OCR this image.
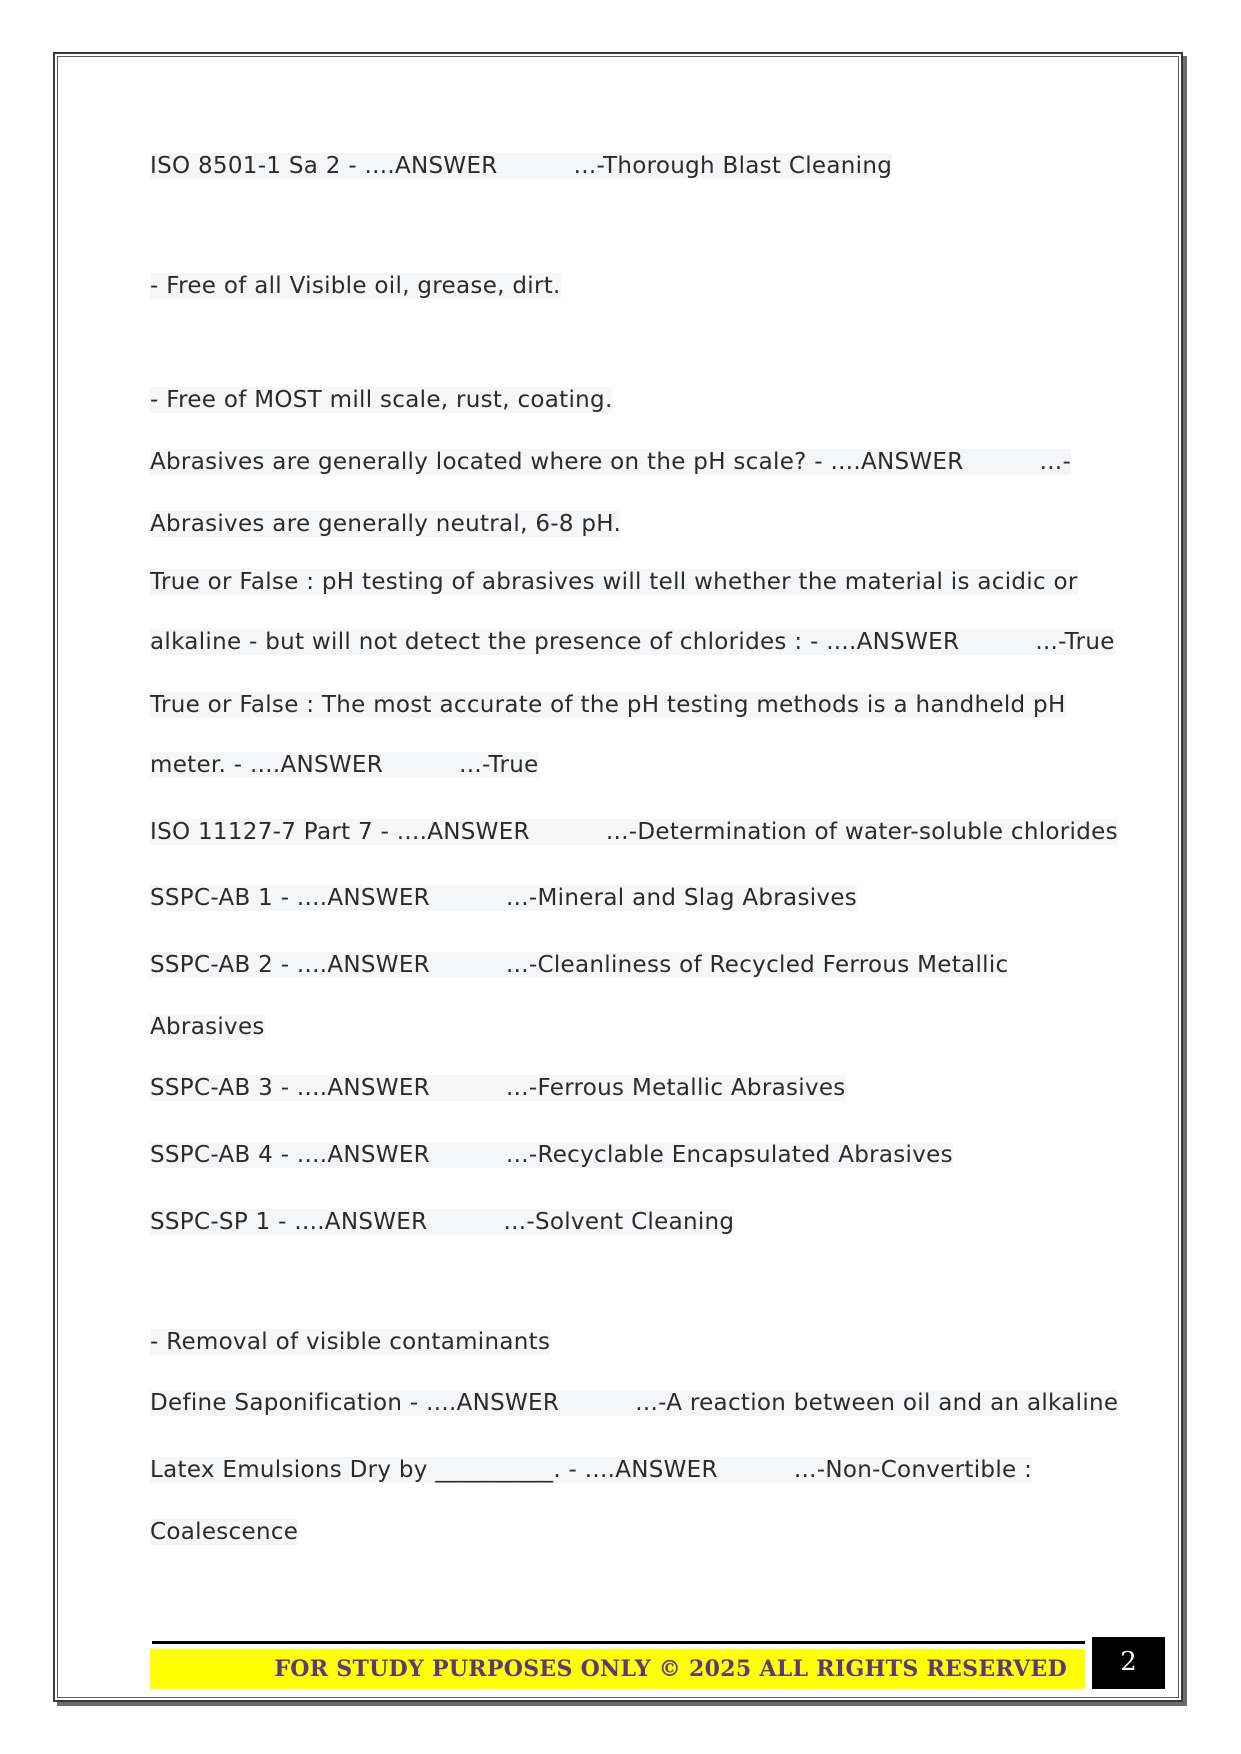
ISO 8501-1 Sa 2 - ....ANSWER          ...-Thorough Blast Cleaning
- Free of all Visible oil, grease, dirt.
- Free of MOST mill scale, rust, coating.
Abrasives are generally located where on the pH scale? - ....ANSWER          ...-
Abrasives are generally neutral, 6-8 pH.
True or False : pH testing of abrasives will tell whether the material is acidic or
alkaline - but will not detect the presence of chlorides : - ....ANSWER          ...-True
True or False : The most accurate of the pH testing methods is a handheld pH
meter. - ....ANSWER          ...-True
ISO 11127-7 Part 7 - ....ANSWER          ...-Determination of water-soluble chlorides
SSPC-AB 1 - ....ANSWER          ...-Mineral and Slag Abrasives
SSPC-AB 2 - ....ANSWER          ...-Cleanliness of Recycled Ferrous Metallic
Abrasives
SSPC-AB 3 - ....ANSWER          ...-Ferrous Metallic Abrasives
SSPC-AB 4 - ....ANSWER          ...-Recyclable Encapsulated Abrasives
SSPC-SP 1 - ....ANSWER          ...-Solvent Cleaning
- Removal of visible contaminants
Define Saponification - ....ANSWER          ...-A reaction between oil and an alkaline
Latex Emulsions Dry by __________. - ....ANSWER          ...-Non-Convertible :
Coalescence
FOR STUDY PURPOSES ONLY © 2025 ALL RIGHTS RESERVED	2
